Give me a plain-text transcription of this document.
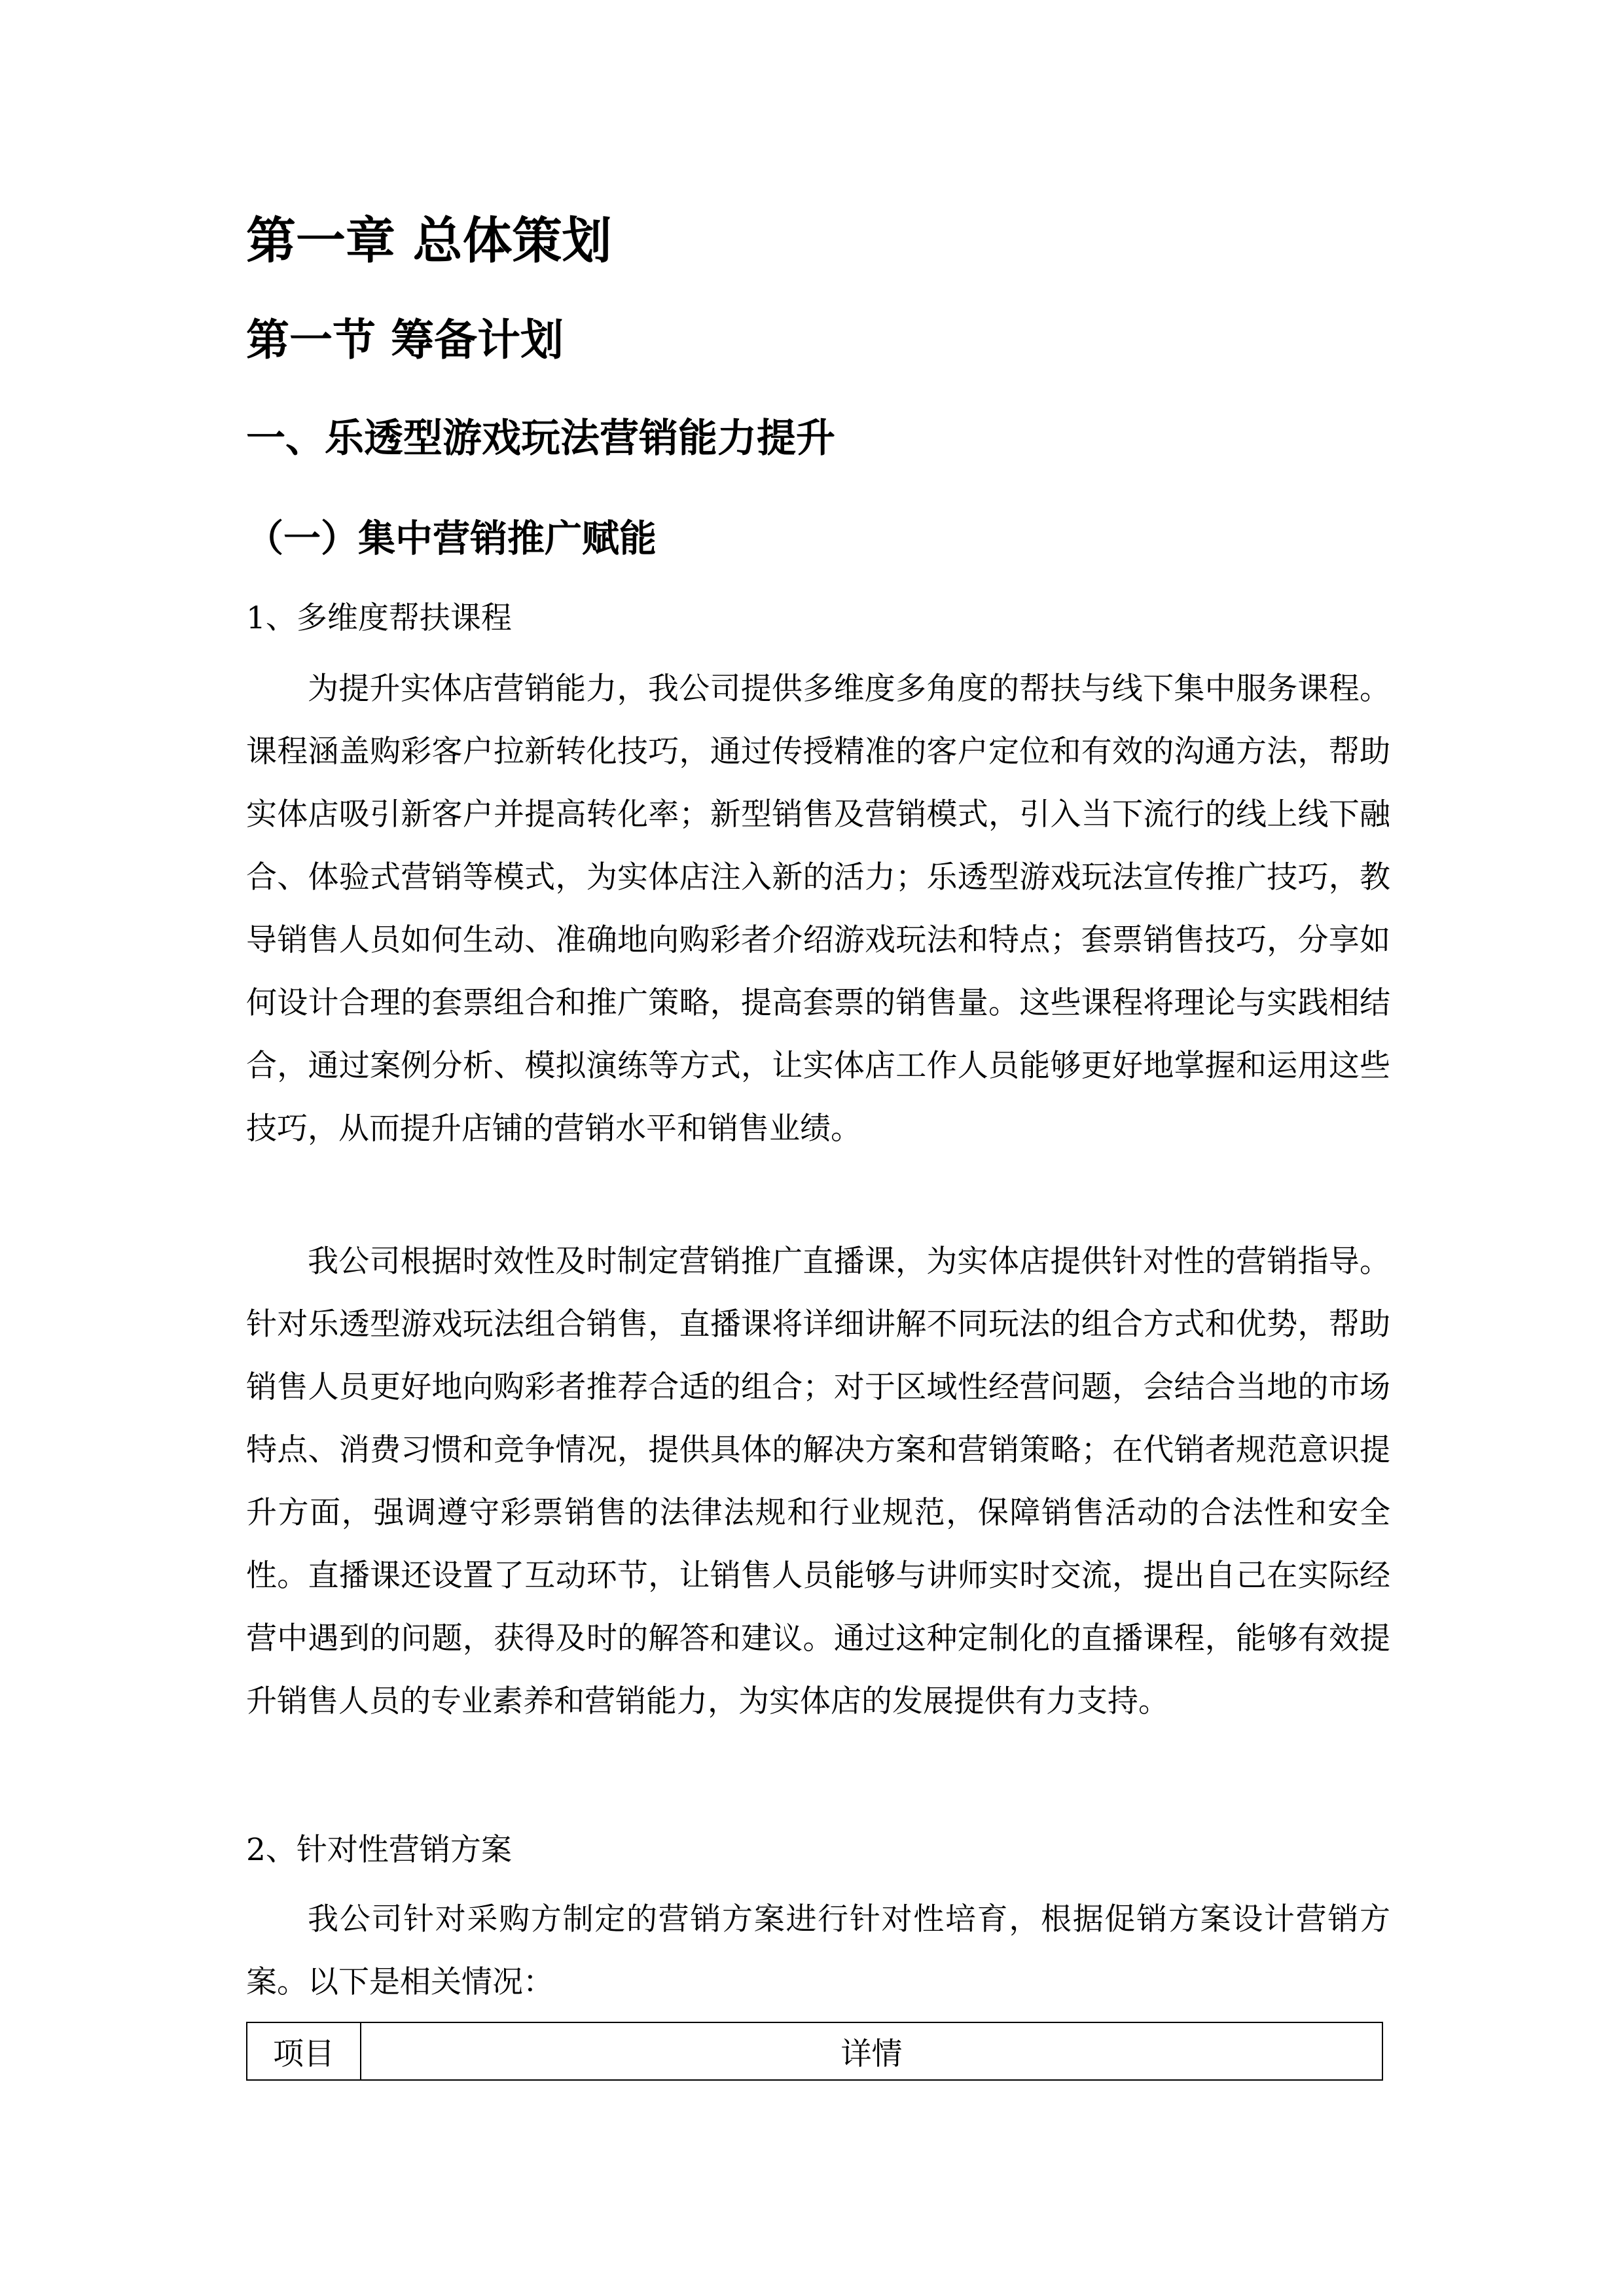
第一章 总体策划
第一节 筹备计划
一、乐透型游戏玩法营销能力提升
（一）集中营销推广赋能
1、多维度帮扶课程

为提升实体店营销能力，我公司提供多维度多角度的帮扶与线下集中服务课程。课程涵盖购彩客户拉新转化技巧，通过传授精准的客户定位和有效的沟通方法，帮助实体店吸引新客户并提高转化率；新型销售及营销模式，引入当下流行的线上线下融合、体验式营销等模式，为实体店注入新的活力；乐透型游戏玩法宣传推广技巧，教导销售人员如何生动、准确地向购彩者介绍游戏玩法和特点；套票销售技巧，分享如何设计合理的套票组合和推广策略，提高套票的销售量。这些课程将理论与实践相结合，通过案例分析、模拟演练等方式，让实体店工作人员能够更好地掌握和运用这些技巧，从而提升店铺的营销水平和销售业绩。

我公司根据时效性及时制定营销推广直播课，为实体店提供针对性的营销指导。针对乐透型游戏玩法组合销售，直播课将详细讲解不同玩法的组合方式和优势，帮助销售人员更好地向购彩者推荐合适的组合；对于区域性经营问题，会结合当地的市场特点、消费习惯和竞争情况，提供具体的解决方案和营销策略；在代销者规范意识提升方面，强调遵守彩票销售的法律法规和行业规范，保障销售活动的合法性和安全性。直播课还设置了互动环节，让销售人员能够与讲师实时交流，提出自己在实际经营中遇到的问题，获得及时的解答和建议。通过这种定制化的直播课程，能够有效提升销售人员的专业素养和营销能力，为实体店的发展提供有力支持。

2、针对性营销方案

我公司针对采购方制定的营销方案进行针对性培育，根据促销方案设计营销方案。以下是相关情况：

项目	详情
